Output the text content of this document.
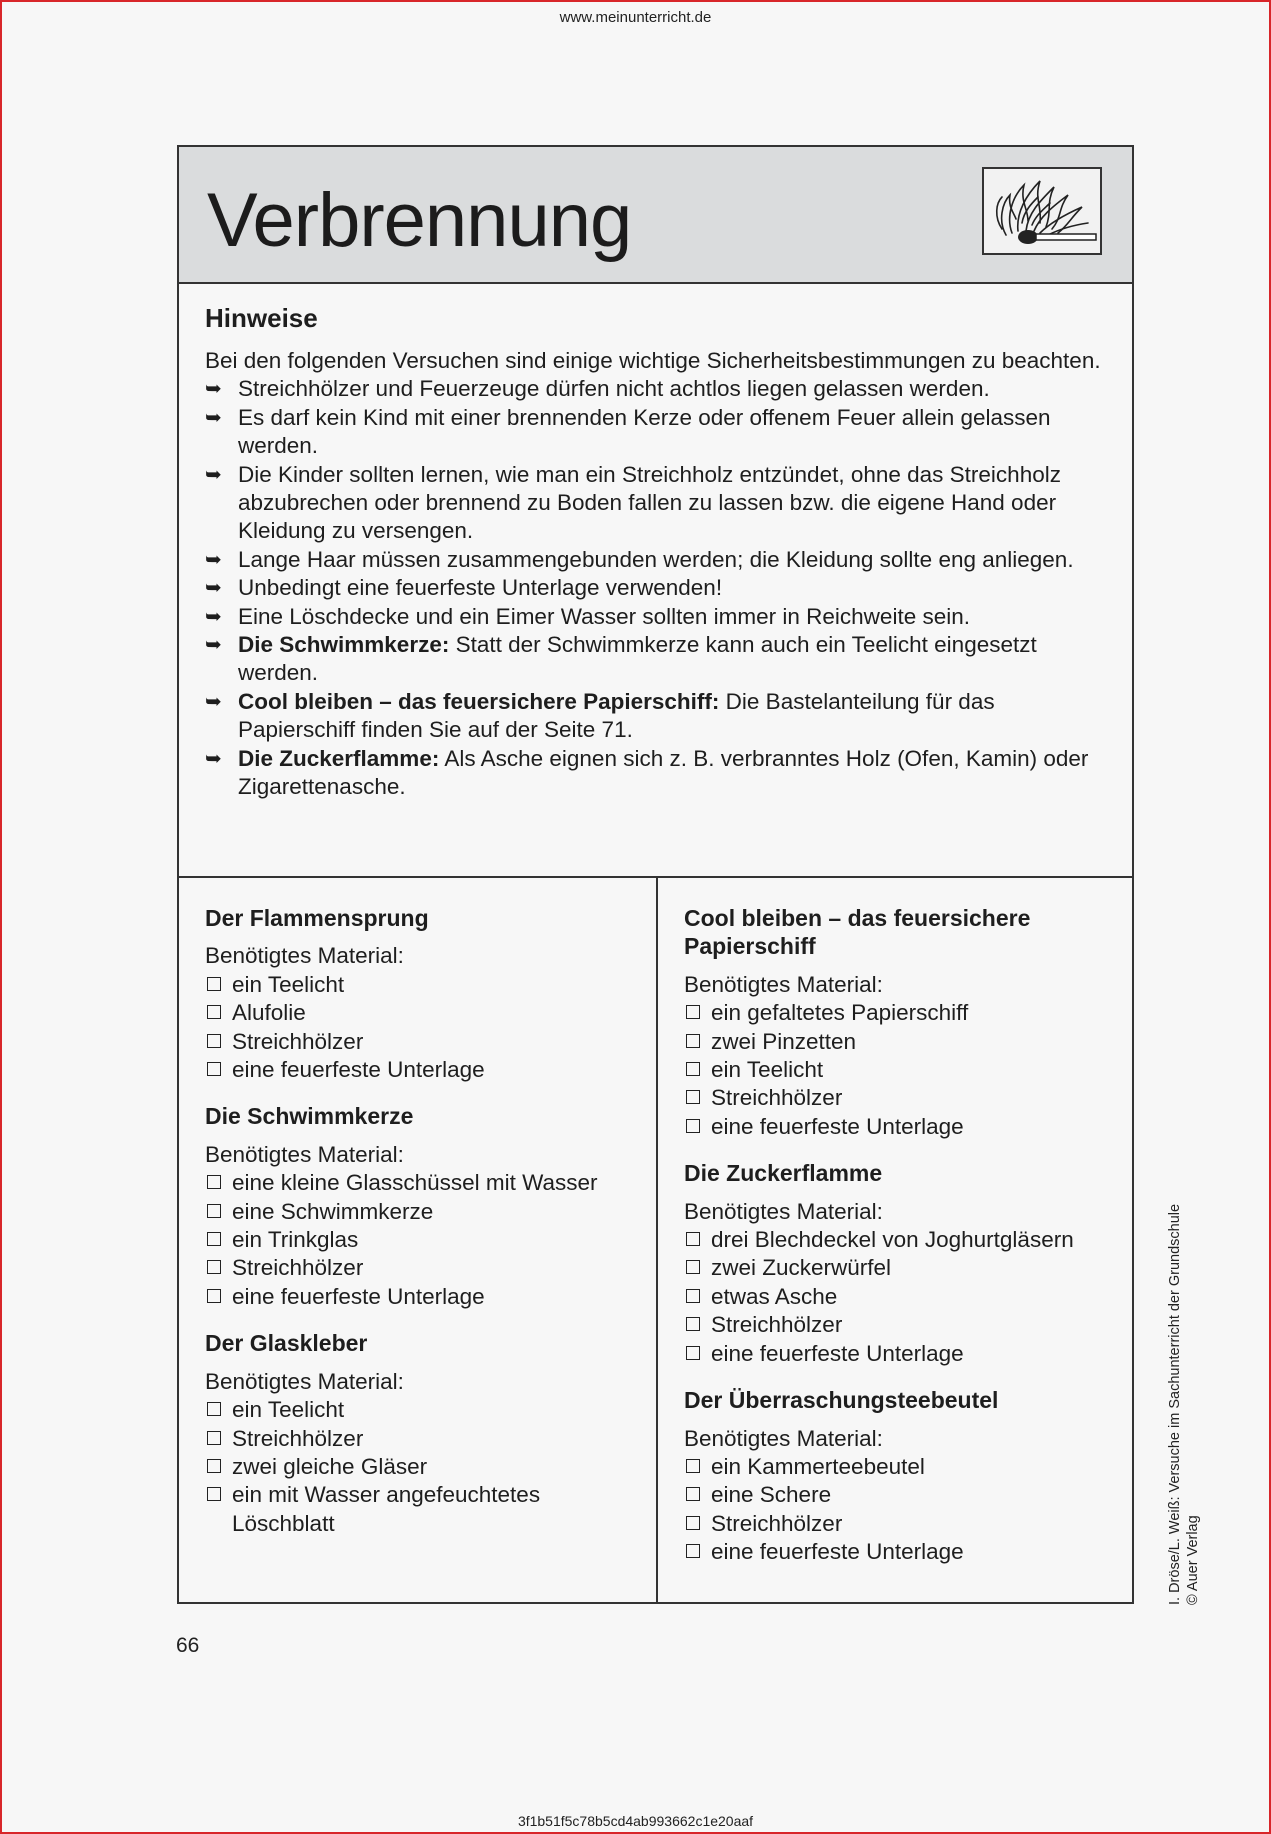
www.meinunterricht.de
Verbrennung
Hinweise

Bei den folgenden Versuchen sind einige wichtige Sicherheitsbestimmungen zu beachten.

➥ Streichhölzer und Feuerzeuge dürfen nicht achtlos liegen gelassen werden.
➥ Es darf kein Kind mit einer brennenden Kerze oder offenem Feuer allein gelassen werden.
➥ Die Kinder sollten lernen, wie man ein Streichholz entzündet, ohne das Streichholz abzubrechen oder brennend zu Boden fallen zu lassen bzw. die eigene Hand oder Kleidung zu versengen.
➥ Lange Haar müssen zusammengebunden werden; die Kleidung sollte eng anliegen.
➥ Unbedingt eine feuerfeste Unterlage verwenden!
➥ Eine Löschdecke und ein Eimer Wasser sollten immer in Reichweite sein.
➥ Die Schwimmkerze: Statt der Schwimmkerze kann auch ein Teelicht eingesetzt werden.
➥ Cool bleiben – das feuersichere Papierschiff: Die Bastelanteilung für das Papierschiff finden Sie auf der Seite 71.
➥ Die Zuckerflamme: Als Asche eignen sich z. B. verbranntes Holz (Ofen, Kamin) oder Zigarettenasche.
Der Flammensprung
Benötigtes Material:
ein Teelicht
Alufolie
Streichhölzer
eine feuerfeste Unterlage
Die Schwimmkerze
Benötigtes Material:
eine kleine Glasschüssel mit Wasser
eine Schwimmkerze
ein Trinkglas
Streichhölzer
eine feuerfeste Unterlage
Der Glaskleber
Benötigtes Material:
ein Teelicht
Streichhölzer
zwei gleiche Gläser
ein mit Wasser angefeuchtetes Löschblatt
Cool bleiben – das feuersichere Papierschiff
Benötigtes Material:
ein gefaltetes Papierschiff
zwei Pinzetten
ein Teelicht
Streichhölzer
eine feuerfeste Unterlage
Die Zuckerflamme
Benötigtes Material:
drei Blechdeckel von Joghurtgläsern
zwei Zuckerwürfel
etwas Asche
Streichhölzer
eine feuerfeste Unterlage
Der Überraschungsteebeutel
Benötigtes Material:
ein Kammerteebeutel
eine Schere
Streichhölzer
eine feuerfeste Unterlage
66
I. Dröse/L. Weiß: Versuche im Sachunterricht der Grundschule © Auer Verlag
3f1b51f5c78b5cd4ab993662c1e20aaf
